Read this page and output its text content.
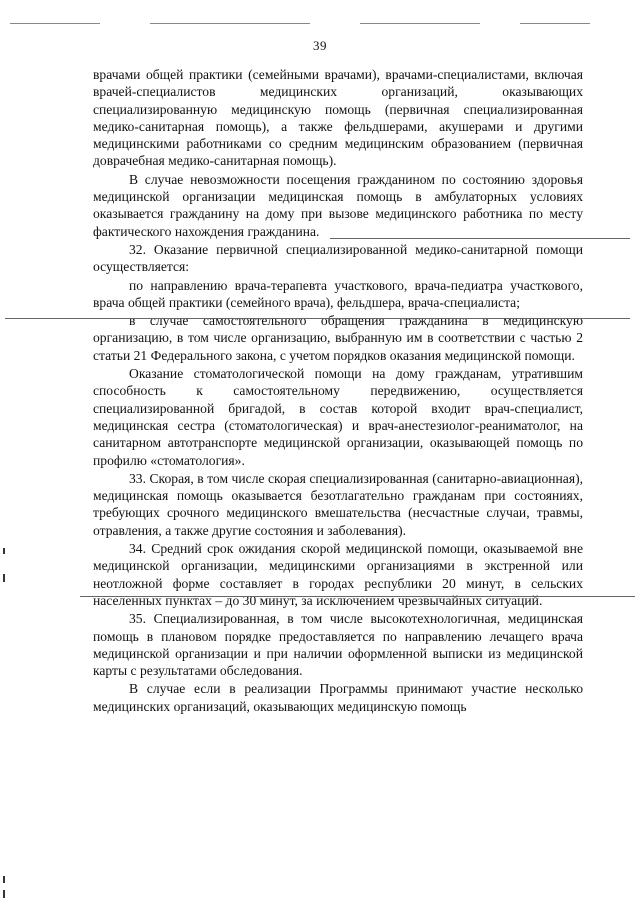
39

врачами общей практики (семейными врачами), врачами-специалистами, включая врачей-специалистов медицинских организаций, оказывающих специализированную медицинскую помощь (первичная специализированная медико-санитарная помощь), а также фельдшерами, акушерами и другими медицинскими работниками со средним медицинским образованием (первичная доврачебная медико-санитарная помощь).

В случае невозможности посещения гражданином по состоянию здоровья медицинской организации медицинская помощь в амбулаторных условиях оказывается гражданину на дому при вызове медицинского работника по месту фактического нахождения гражданина.

32. Оказание первичной специализированной медико-санитарной помощи осуществляется:

по направлению врача-терапевта участкового, врача-педиатра участкового, врача общей практики (семейного врача), фельдшера, врача-специалиста;

в случае самостоятельного обращения гражданина в медицинскую организацию, в том числе организацию, выбранную им в соответствии с частью 2 статьи 21 Федерального закона, с учетом порядков оказания медицинской помощи.

Оказание стоматологической помощи на дому гражданам, утратившим способность к самостоятельному передвижению, осуществляется специализированной бригадой, в состав которой входит врач-специалист, медицинская сестра (стоматологическая) и врач-анестезиолог-реаниматолог, на санитарном автотранспорте медицинской организации, оказывающей помощь по профилю «стоматология».

33. Скорая, в том числе скорая специализированная (санитарно-авиационная), медицинская помощь оказывается безотлагательно гражданам при состояниях, требующих срочного медицинского вмешательства (несчастные случаи, травмы, отравления, а также другие состояния и заболевания).

34. Средний срок ожидания скорой медицинской помощи, оказываемой вне медицинской организации, медицинскими организациями в экстренной или неотложной форме составляет в городах республики 20 минут, в сельских населенных пунктах – до 30 минут, за исключением чрезвычайных ситуаций.

35. Специализированная, в том числе высокотехнологичная, медицинская помощь в плановом порядке предоставляется по направлению лечащего врача медицинской организации и при наличии оформленной выписки из медицинской карты с результатами обследования.

В случае если в реализации Программы принимают участие несколько медицинских организаций, оказывающих медицинскую помощь
